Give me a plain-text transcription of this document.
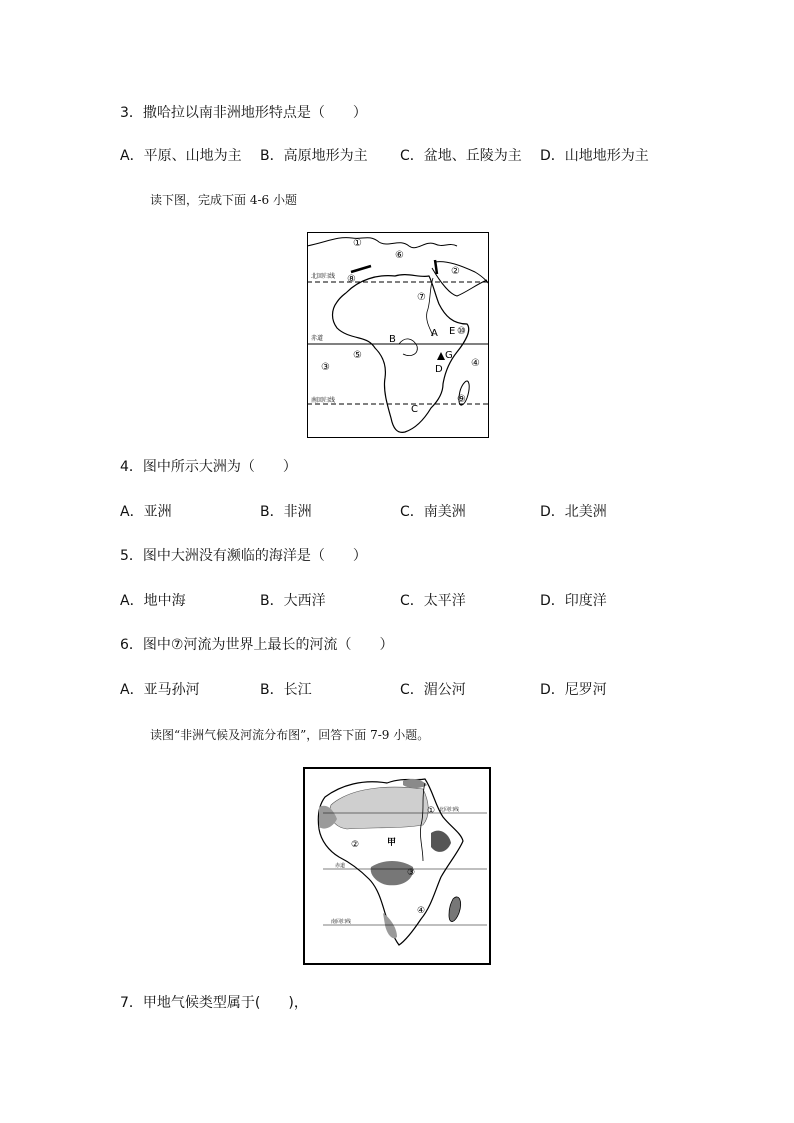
3．撒哈拉以南非洲地形特点是（　　）
A．平原、山地为主 B．高原地形为主 C．盆地、丘陵为主 D．山地地形为主
读下图，完成下面 4-6 小题
北回归线
赤道
南回归线
①
②
③	④
⑤
⑥
⑦
⑧
⑨
⑩
A
B
C
D
E
G
4．图中所示大洲为（　　）
A．亚洲	B．非洲	C．南美洲	D．北美洲
5．图中大洲没有濒临的海洋是（　　）
A．地中海	B．大西洋	C．太平洋	D．印度洋
6．图中⑦河流为世界上最长的河流（　　）
A．亚马孙河	B．长江	C．湄公河	D．尼罗河
读图“非洲气候及河流分布图”，回答下面 7-9 小题。
北回归线
赤道
南回归线
甲
①
②
③
④
7．甲地气候类型属于(　　)，
